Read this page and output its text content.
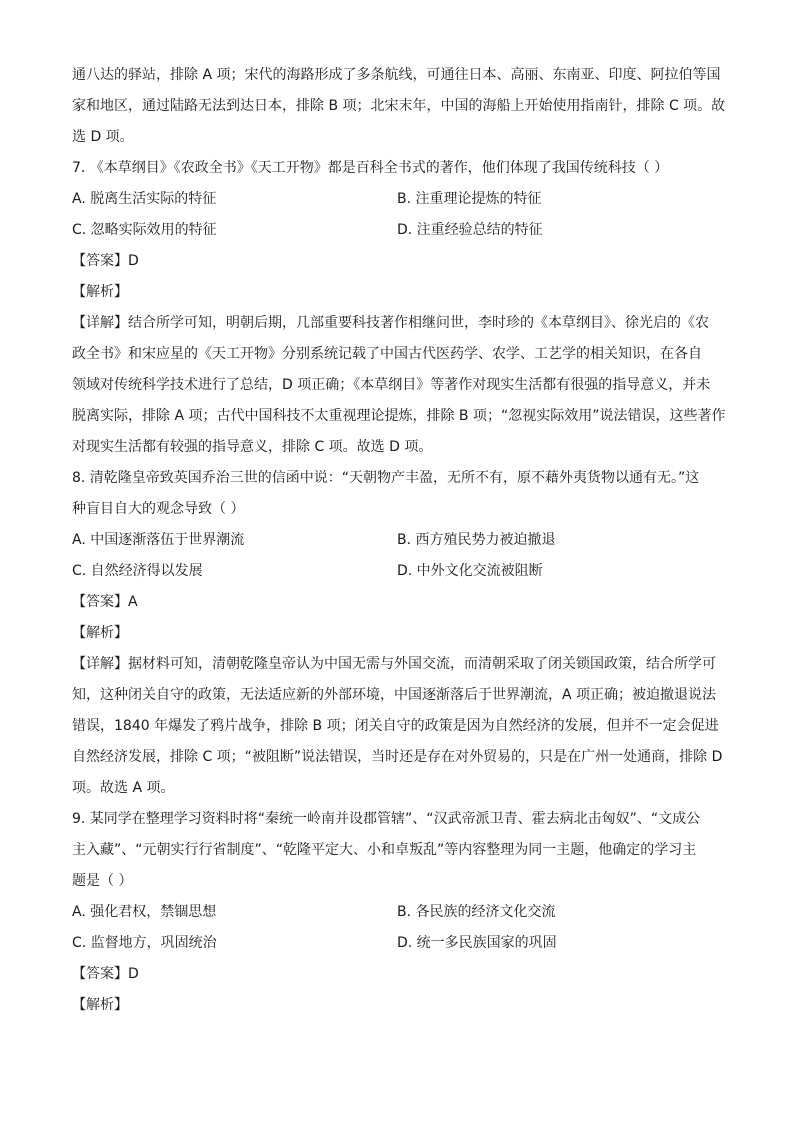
通八达的驿站，排除 A 项；宋代的海路形成了多条航线，可通往日本、高丽、东南亚、印度、阿拉伯等国
家和地区，通过陆路无法到达日本，排除 B 项；北宋末年，中国的海船上开始使用指南针，排除 C 项。故
选 D 项。
7. 《本草纲目》《农政全书》《天工开物》都是百科全书式的著作，他们体现了我国传统科技（ ）
A. 脱离生活实际的特征	B. 注重理论提炼的特征
C. 忽略实际效用的特征	D. 注重经验总结的特征
【答案】D
【解析】
【详解】结合所学可知，明朝后期，几部重要科技著作相继问世，李时珍的《本草纲目》、徐光启的《农
政全书》和宋应星的《天工开物》分别系统记载了中国古代医药学、农学、工艺学的相关知识，在各自
领域对传统科学技术进行了总结，D 项正确；《本草纲目》等著作对现实生活都有很强的指导意义，并未
脱离实际，排除 A 项；古代中国科技不太重视理论提炼，排除 B 项；“忽视实际效用”说法错误，这些著作
对现实生活都有较强的指导意义，排除 C 项。故选 D 项。
8. 清乾隆皇帝致英国乔治三世的信函中说：“天朝物产丰盈，无所不有，原不藉外夷货物以通有无。”这
种盲目自大的观念导致（ ）
A. 中国逐渐落伍于世界潮流	B. 西方殖民势力被迫撤退
C. 自然经济得以发展	D. 中外文化交流被阻断
【答案】A
【解析】
【详解】据材料可知，清朝乾隆皇帝认为中国无需与外国交流，而清朝采取了闭关锁国政策，结合所学可
知，这种闭关自守的政策，无法适应新的外部环境，中国逐渐落后于世界潮流，A 项正确；被迫撤退说法
错误，1840 年爆发了鸦片战争，排除 B 项；闭关自守的政策是因为自然经济的发展，但并不一定会促进
自然经济发展，排除 C 项；“被阻断”说法错误，当时还是存在对外贸易的，只是在广州一处通商，排除 D
项。故选 A 项。
9. 某同学在整理学习资料时将“秦统一岭南并设郡管辖”、“汉武帝派卫青、霍去病北击匈奴”、“文成公
主入藏”、“元朝实行行省制度”、“乾隆平定大、小和卓叛乱”等内容整理为同一主题，他确定的学习主
题是（ ）
A. 强化君权，禁锢思想	B. 各民族的经济文化交流
C. 监督地方，巩固统治	D. 统一多民族国家的巩固
【答案】D
【解析】
